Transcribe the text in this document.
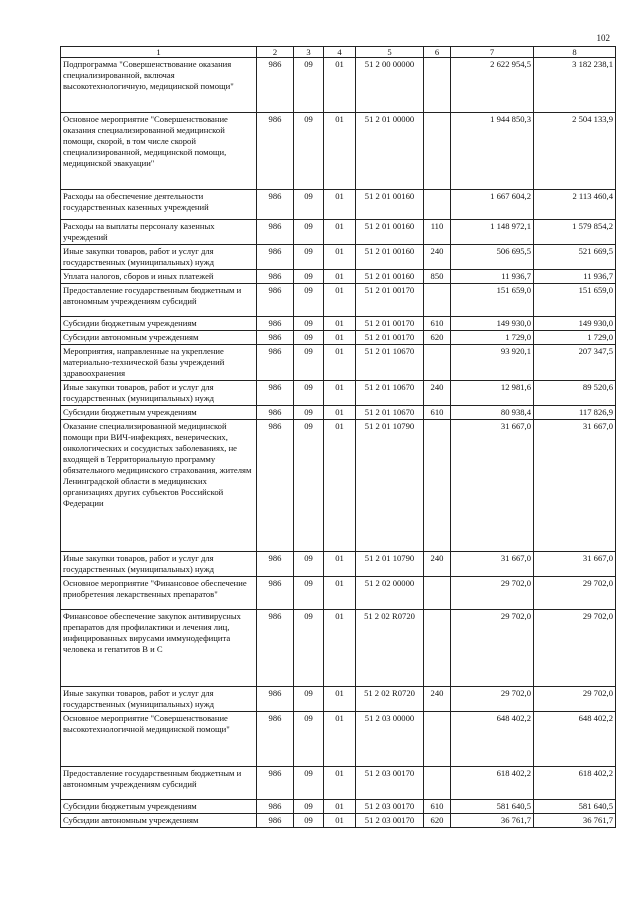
102
1	2	3	4	5	6	7	8
Подпрограмма "Совершенствование оказания специализированной, включая высокотехнологичную, медицинской помощи"	986	09	01	51 2 00 00000		2 622 954,5	3 182 238,1
Основное мероприятие "Совершенствование оказания специализированной медицинской помощи, скорой, в том числе скорой специализированной, медицинской помощи, медицинской эвакуации"	986	09	01	51 2 01 00000		1 944 850,3	2 504 133,9
Расходы на обеспечение деятельности государственных казенных учреждений	986	09	01	51 2 01 00160		1 667 604,2	2 113 460,4
Расходы на выплаты персоналу казенных учреждений	986	09	01	51 2 01 00160	110	1 148 972,1	1 579 854,2
Иные закупки товаров, работ и услуг для государственных (муниципальных) нужд	986	09	01	51 2 01 00160	240	506 695,5	521 669,5
Уплата налогов, сборов и иных платежей	986	09	01	51 2 01 00160	850	11 936,7	11 936,7
Предоставление государственным бюджетным и автономным учреждениям субсидий	986	09	01	51 2 01 00170		151 659,0	151 659,0
Субсидии бюджетным учреждениям	986	09	01	51 2 01 00170	610	149 930,0	149 930,0
Субсидии автономным учреждениям	986	09	01	51 2 01 00170	620	1 729,0	1 729,0
Мероприятия, направленные на укрепление материально-технической базы учреждений здравоохранения	986	09	01	51 2 01 10670		93 920,1	207 347,5
Иные закупки товаров, работ и услуг для государственных (муниципальных) нужд	986	09	01	51 2 01 10670	240	12 981,6	89 520,6
Субсидии бюджетным учреждениям	986	09	01	51 2 01 10670	610	80 938,4	117 826,9
Оказание специализированной медицинской помощи при ВИЧ-инфекциях, венерических, онкологических и сосудистых заболеваниях, не входящей в Территориальную программу обязательного медицинского страхования, жителям Ленинградской области в медицинских организациях других субъектов Российской Федерации	986	09	01	51 2 01 10790		31 667,0	31 667,0
Иные закупки товаров, работ и услуг для государственных (муниципальных) нужд	986	09	01	51 2 01 10790	240	31 667,0	31 667,0
Основное мероприятие "Финансовое обеспечение приобретения лекарственных препаратов"	986	09	01	51 2 02 00000		29 702,0	29 702,0
Финансовое обеспечение закупок антивирусных препаратов для профилактики и лечения лиц, инфицированных вирусами иммунодефицита человека и гепатитов В и С	986	09	01	51 2 02 R0720		29 702,0	29 702,0
Иные закупки товаров, работ и услуг для государственных (муниципальных) нужд	986	09	01	51 2 02 R0720	240	29 702,0	29 702,0
Основное мероприятие "Совершенствование высокотехнологичной медицинской помощи"	986	09	01	51 2 03 00000		648 402,2	648 402,2
Предоставление государственным бюджетным и автономным учреждениям субсидий	986	09	01	51 2 03 00170		618 402,2	618 402,2
Субсидии бюджетным учреждениям	986	09	01	51 2 03 00170	610	581 640,5	581 640,5
Субсидии автономным учреждениям	986	09	01	51 2 03 00170	620	36 761,7	36 761,7
